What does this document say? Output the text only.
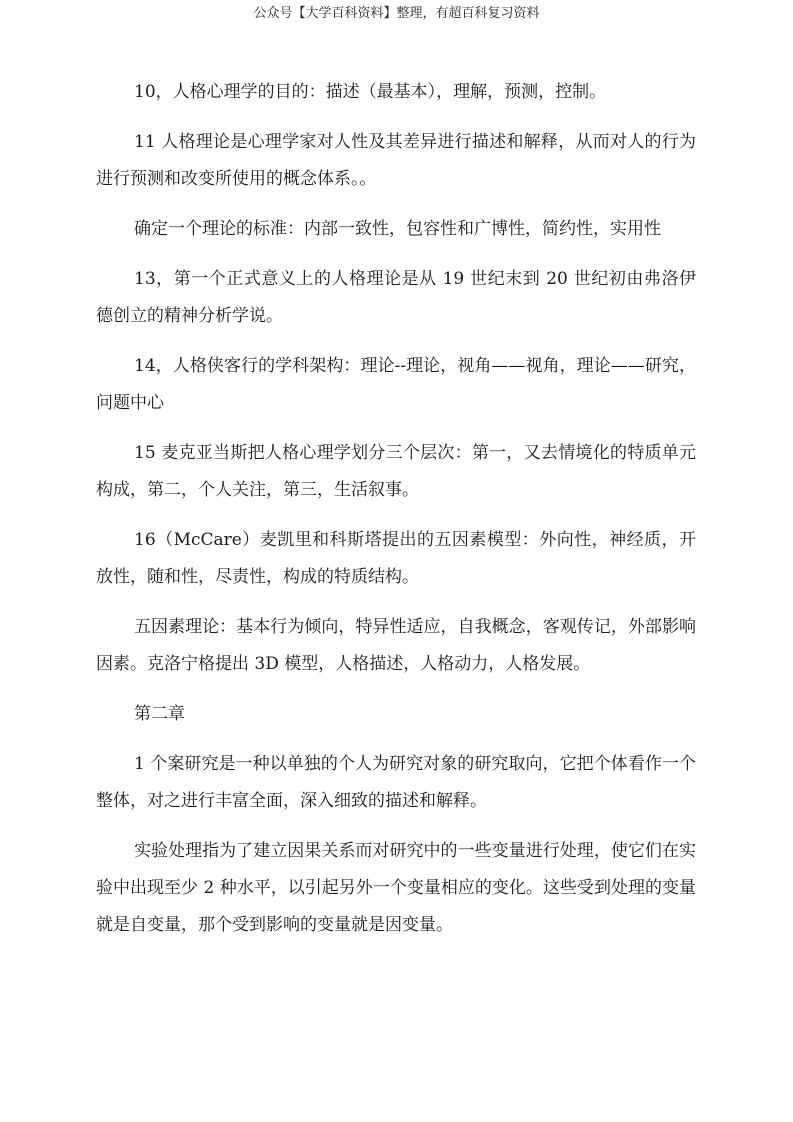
公众号【大学百科资料】整理，有超百科复习资料

10，人格心理学的目的：描述（最基本），理解，预测，控制。

11 人格理论是心理学家对人性及其差异进行描述和解释，从而对人的行为进行预测和改变所使用的概念体系。。

确定一个理论的标准：内部一致性，包容性和广博性，简约性，实用性

13，第一个正式意义上的人格理论是从 19 世纪末到 20 世纪初由弗洛伊德创立的精神分析学说。

14，人格侠客行的学科架构：理论--理论，视角——视角，理论——研究，问题中心

15 麦克亚当斯把人格心理学划分三个层次：第一，又去情境化的特质单元构成，第二，个人关注，第三，生活叙事。

16（McCare）麦凯里和科斯塔提出的五因素模型：外向性，神经质，开放性，随和性，尽责性，构成的特质结构。

五因素理论：基本行为倾向，特异性适应，自我概念，客观传记，外部影响因素。克洛宁格提出 3D 模型，人格描述，人格动力，人格发展。

第二章

1 个案研究是一种以单独的个人为研究对象的研究取向，它把个体看作一个整体，对之进行丰富全面，深入细致的描述和解释。

实验处理指为了建立因果关系而对研究中的一些变量进行处理，使它们在实验中出现至少 2 种水平，以引起另外一个变量相应的变化。这些受到处理的变量就是自变量，那个受到影响的变量就是因变量。
